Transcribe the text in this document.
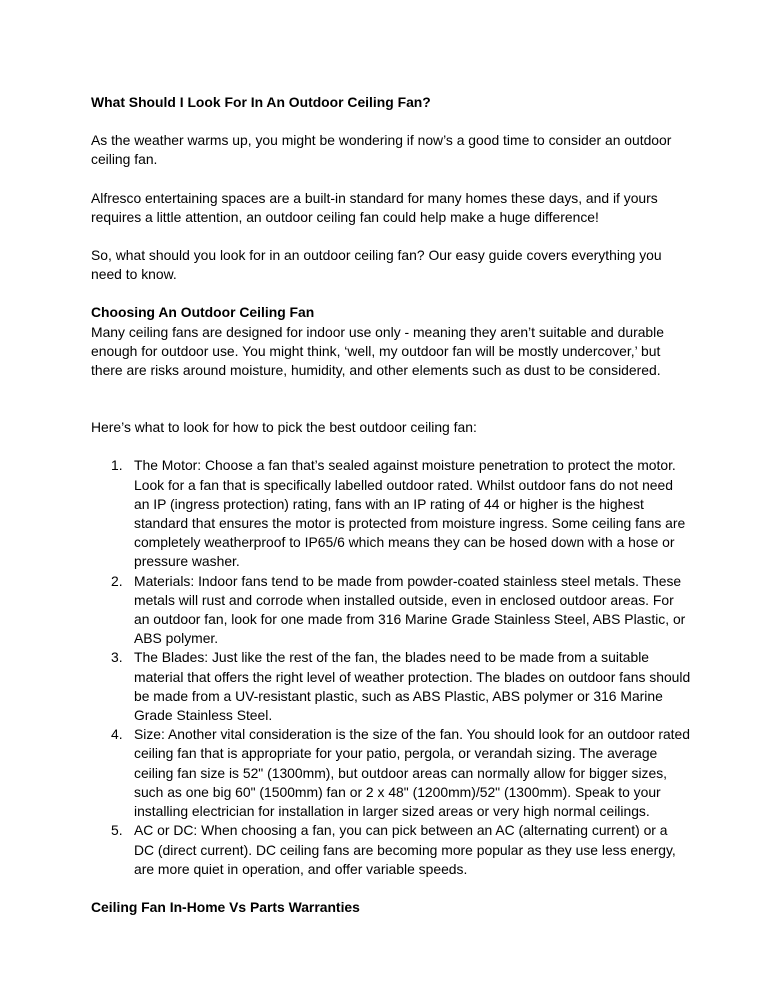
What Should I Look For In An Outdoor Ceiling Fan?

As the weather warms up, you might be wondering if now’s a good time to consider an outdoor ceiling fan.

Alfresco entertaining spaces are a built-in standard for many homes these days, and if yours requires a little attention, an outdoor ceiling fan could help make a huge difference!

So, what should you look for in an outdoor ceiling fan? Our easy guide covers everything you need to know.

Choosing An Outdoor Ceiling Fan

Many ceiling fans are designed for indoor use only - meaning they aren’t suitable and durable enough for outdoor use. You might think, ‘well, my outdoor fan will be mostly undercover,’ but there are risks around moisture, humidity, and other elements such as dust to be considered.

Here’s what to look for how to pick the best outdoor ceiling fan:

1. The Motor: Choose a fan that’s sealed against moisture penetration to protect the motor. Look for a fan that is specifically labelled outdoor rated. Whilst outdoor fans do not need an IP (ingress protection) rating, fans with an IP rating of 44 or higher is the highest standard that ensures the motor is protected from moisture ingress. Some ceiling fans are completely weatherproof to IP65/6 which means they can be hosed down with a hose or pressure washer.
2. Materials: Indoor fans tend to be made from powder-coated stainless steel metals. These metals will rust and corrode when installed outside, even in enclosed outdoor areas. For an outdoor fan, look for one made from 316 Marine Grade Stainless Steel, ABS Plastic, or ABS polymer.
3. The Blades: Just like the rest of the fan, the blades need to be made from a suitable material that offers the right level of weather protection. The blades on outdoor fans should be made from a UV-resistant plastic, such as ABS Plastic, ABS polymer or 316 Marine Grade Stainless Steel.
4. Size: Another vital consideration is the size of the fan. You should look for an outdoor rated ceiling fan that is appropriate for your patio, pergola, or verandah sizing. The average ceiling fan size is 52" (1300mm), but outdoor areas can normally allow for bigger sizes, such as one big 60" (1500mm) fan or 2 x 48" (1200mm)/52" (1300mm). Speak to your installing electrician for installation in larger sized areas or very high normal ceilings.
5. AC or DC: When choosing a fan, you can pick between an AC (alternating current) or a DC (direct current). DC ceiling fans are becoming more popular as they use less energy, are more quiet in operation, and offer variable speeds.
Ceiling Fan In-Home Vs Parts Warranties
